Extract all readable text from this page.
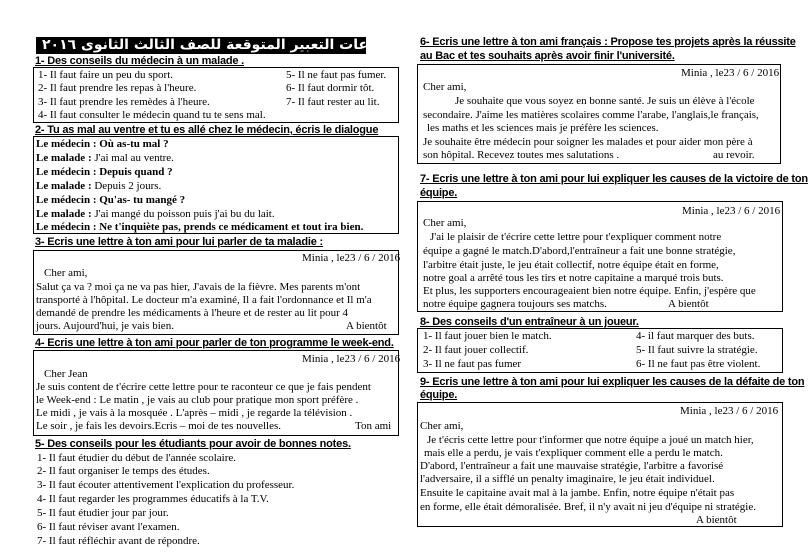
موضوعات التعبير المتوقعة للصف الثالث الثانوى ٢٠١٦
1- Des conseils du médecin à un malade .
1- Il faut faire un peu du sport.	5- Il ne faut pas fumer.
2- Il faut prendre les repas à l'heure.	6- Il faut dormir tôt.
3- Il faut prendre les remèdes à l'heure.	7- Il faut rester au lit.
4- Il faut consulter le médecin quand tu te sens mal.
2- Tu as mal au ventre et tu es allé chez le médecin, écris le dialogue
Le médecin : Où as-tu mal ?
Le malade : J'ai mal au ventre.
Le médecin : Depuis quand ?
Le malade : Depuis 2 jours.
Le médecin : Qu'as- tu mangé ?
Le malade : J'ai mangé du poisson puis j'ai bu du lait.
Le médecin : Ne t'inquiète pas, prends ce médicament et tout ira bien.
3- Ecris une lettre à ton ami pour lui parler de ta maladie :
Minia , le23 / 6 / 2016
Cher ami,
Salut ça va ? moi ça ne va pas hier, J'avais de la fièvre. Mes parents m'ont
transporté à l'hôpital. Le docteur m'a examiné, Il a fait l'ordonnance et Il m'a
demandé de prendre les médicaments à l'heure et de rester au lit pour 4
jours. Aujourd'hui, je vais bien.	A bientôt
4- Ecris une lettre à ton ami pour parler de ton programme le week-end.
Minia , le23 / 6 / 2016
Cher Jean
Je suis content de t'écrire cette lettre pour te raconteur ce que je fais pendent
le Week-end : Le matin , je vais au club pour pratique mon sport préfère .
Le midi , je vais à la mosquée . L'après – midi , je regarde la télévision .
Le soir , je fais les devoirs.Ecris – moi de tes nouvelles.	Ton ami
5- Des conseils pour les étudiants pour avoir de bonnes notes.
1- Il faut étudier du début de l'année scolaire.
2- Il faut organiser le temps des études.
3- Il faut écouter attentivement l'explication du professeur.
4- Il faut regarder les programmes éducatifs à la T.V.
5- Il faut étudier jour par jour.
6- Il faut réviser avant l'examen.
7- Il faut réfléchir avant de répondre.
6- Ecris une lettre à ton ami français : Propose tes projets après la réussite
au Bac et tes souhaits après avoir finir l'université.
Minia , le23 / 6 / 2016
Cher ami,
Je souhaite que vous soyez en bonne santé. Je suis un élève à l'école
secondaire. J'aime les matières scolaires comme l'arabe, l'anglais,le français,
les maths et les sciences mais je préfère les sciences.
Je souhaite être médecin pour soigner les malades et pour aider mon père à
son hôpital. Recevez toutes mes salutations .	au revoir.
7- Ecris une lettre à ton ami pour lui expliquer les causes de la victoire de ton
équipe.
Minia , le23 / 6 / 2016
Cher ami,
J'ai le plaisir de t'écrire cette lettre pour t'expliquer comment notre
équipe a gagné le match.D'abord,l'entraîneur a fait une bonne stratégie,
l'arbitre était juste, le jeu était collectif, notre équipe était en forme,
notre goal a arrêté tous les tirs et notre capitaine a marqué trois buts.
Et plus, les supporters encourageaient bien notre équipe. Enfin, j'espère que
notre équipe gagnera toujours ses matchs.	A bientôt
8- Des conseils d'un entraîneur à un joueur.
1- Il faut jouer bien le match.	4- il faut marquer des buts.
2- Il faut jouer collectif.	5- Il faut suivre la stratégie.
3- Il ne faut pas fumer	6- Il ne faut pas être violent.
9- Ecris une lettre à ton ami pour lui expliquer les causes de la défaite de ton
équipe.
Minia , le23 / 6 / 2016
Cher ami,
Je t'écris cette lettre pour t'informer que notre équipe a joué un match hier,
mais elle a perdu, je vais t'expliquer comment elle a perdu le match.
D'abord, l'entraîneur a fait une mauvaise stratégie, l'arbitre a favorisé
l'adversaire, il a sifflé un penalty imaginaire, le jeu était individuel.
Ensuite le capitaine avait mal à la jambe. Enfin, notre équipe n'était pas
en forme, elle était démoralisée. Bref, il n'y avait ni jeu d'équipe ni stratégie.
A bientôt
